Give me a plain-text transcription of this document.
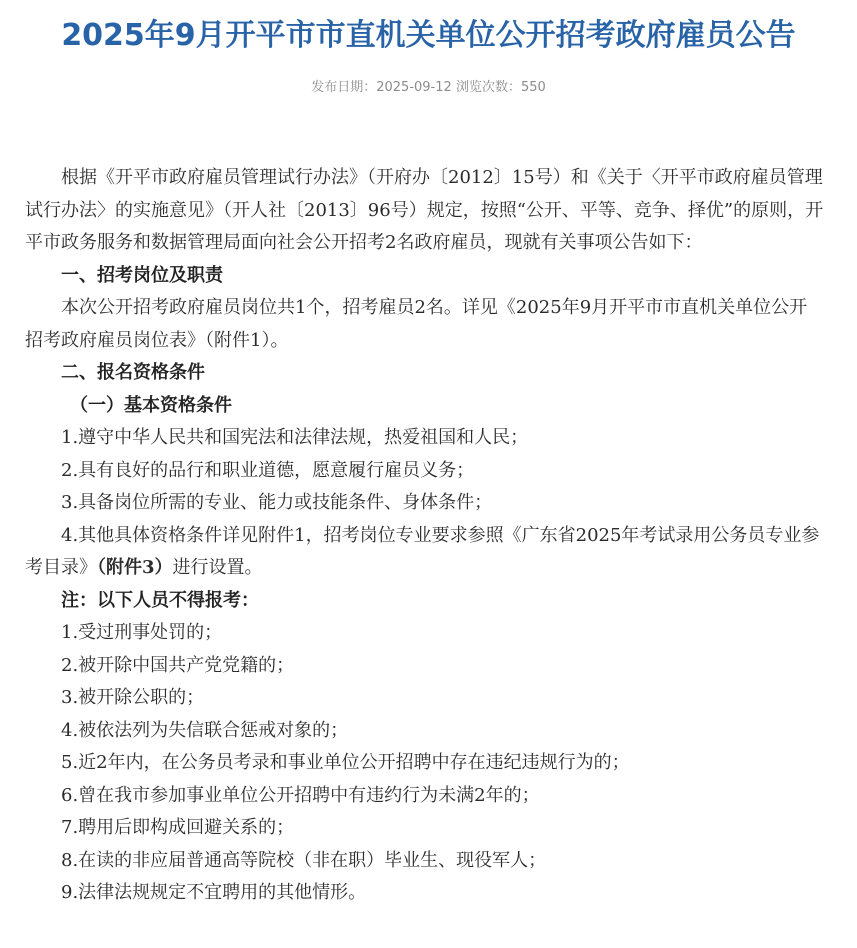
2025年9月开平市市直机关单位公开招考政府雇员公告
发布日期：2025-09-12 浏览次数：550

根据《开平市政府雇员管理试行办法》（开府办〔2012〕15号）和《关于〈开平市政府雇员管理试行办法〉的实施意见》（开人社〔2013〕96号）规定，按照“公开、平等、竞争、择优”的原则，开平市政务服务和数据管理局面向社会公开招考2名政府雇员，现就有关事项公告如下：

一、招考岗位及职责

本次公开招考政府雇员岗位共1个，招考雇员2名。详见《2025年9月开平市市直机关单位公开招考政府雇员岗位表》（附件1）。

二、报名资格条件

（一）基本资格条件

1.遵守中华人民共和国宪法和法律法规，热爱祖国和人民；

2.具有良好的品行和职业道德，愿意履行雇员义务；

3.具备岗位所需的专业、能力或技能条件、身体条件；

4.其他具体资格条件详见附件1，招考岗位专业要求参照《广东省2025年考试录用公务员专业参考目录》（附件3）进行设置。

注：以下人员不得报考：

1.受过刑事处罚的；

2.被开除中国共产党党籍的；

3.被开除公职的；

4.被依法列为失信联合惩戒对象的；

5.近2年内，在公务员考录和事业单位公开招聘中存在违纪违规行为的；

6.曾在我市参加事业单位公开招聘中有违约行为未满2年的；

7.聘用后即构成回避关系的；

8.在读的非应届普通高等院校（非在职）毕业生、现役军人；

9.法律法规规定不宜聘用的其他情形。
